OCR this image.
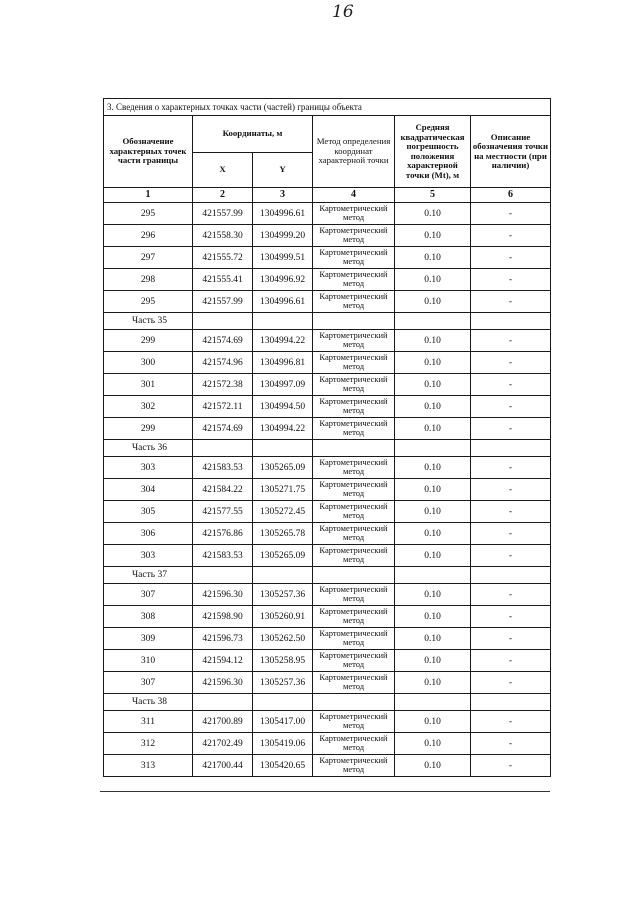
16
3. Сведения о характерных точках части (частей) границы объекта					
Обозначение характерных точек части границы	Координаты, м		Метод определения координат характерной точки	Средняя квадратическая погрешность положения характерной точки (Mt), м	Описание обозначения точки на местности (при наличии)
	X	Y			
1	2	3	4	5	6
295	421557.99	1304996.61	Картометрический метод	0.10	-
296	421558.30	1304999.20	Картометрический метод	0.10	-
297	421555.72	1304999.51	Картометрический метод	0.10	-
298	421555.41	1304996.92	Картометрический метод	0.10	-
295	421557.99	1304996.61	Картометрический метод	0.10	-
Часть 35					
299	421574.69	1304994.22	Картометрический метод	0.10	-
300	421574.96	1304996.81	Картометрический метод	0.10	-
301	421572.38	1304997.09	Картометрический метод	0.10	-
302	421572.11	1304994.50	Картометрический метод	0.10	-
299	421574.69	1304994.22	Картометрический метод	0.10	-
Часть 36					
303	421583.53	1305265.09	Картометрический метод	0.10	-
304	421584.22	1305271.75	Картометрический метод	0.10	-
305	421577.55	1305272.45	Картометрический метод	0.10	-
306	421576.86	1305265.78	Картометрический метод	0.10	-
303	421583.53	1305265.09	Картометрический метод	0.10	-
Часть 37					
307	421596.30	1305257.36	Картометрический метод	0.10	-
308	421598.90	1305260.91	Картометрический метод	0.10	-
309	421596.73	1305262.50	Картометрический метод	0.10	-
310	421594.12	1305258.95	Картометрический метод	0.10	-
307	421596.30	1305257.36	Картометрический метод	0.10	-
Часть 38					
311	421700.89	1305417.00	Картометрический метод	0.10	-
312	421702.49	1305419.06	Картометрический метод	0.10	-
313	421700.44	1305420.65	Картометрический метод	0.10	-
